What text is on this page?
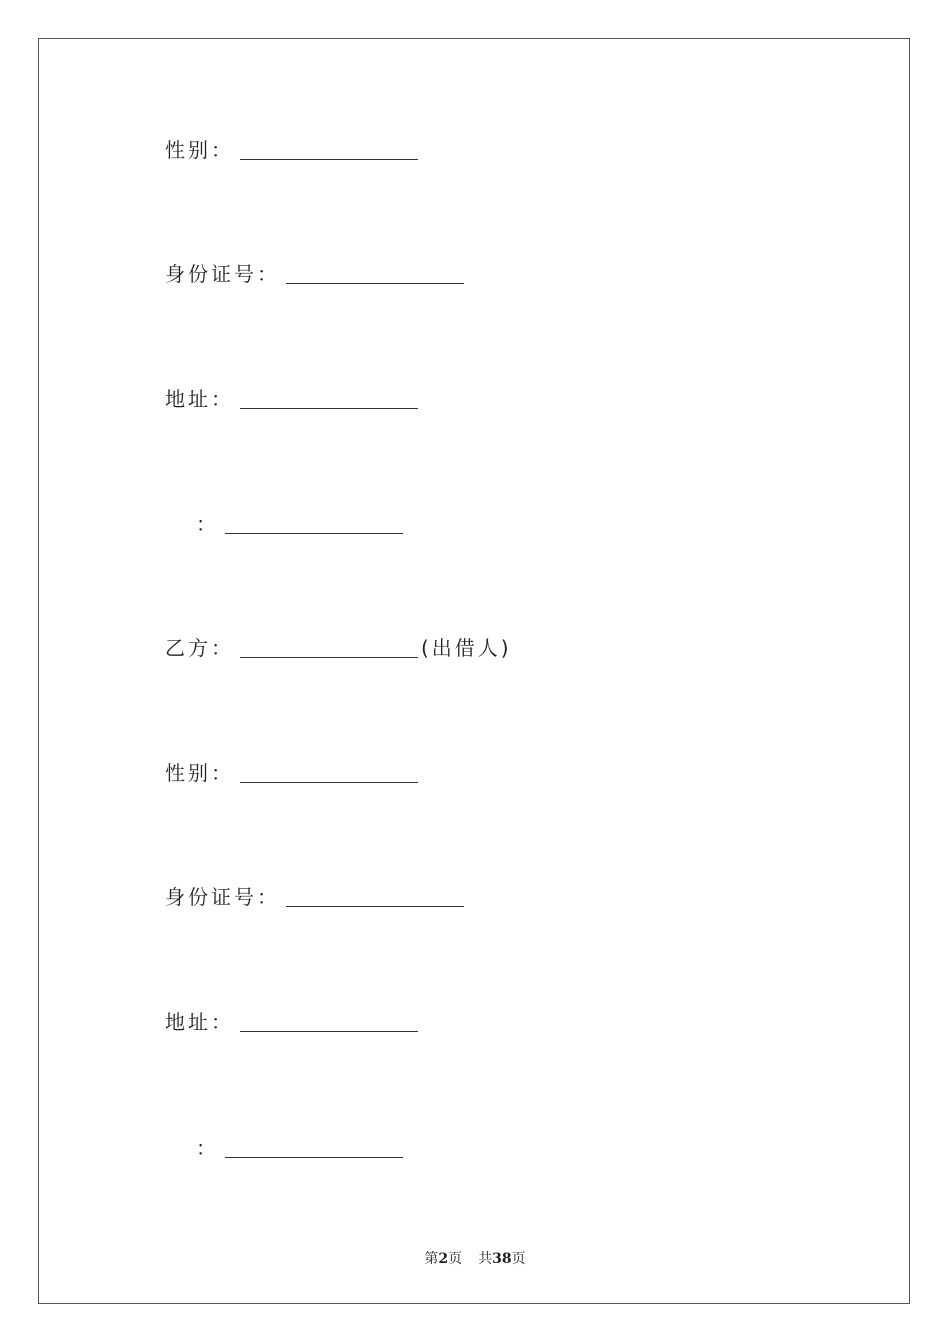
性别 ：
身份证号 ：
地址 ：
：
乙方 ：	(出借人)
性别 ：
身份证号 ：
地址 ：
：
第2页 共38页
